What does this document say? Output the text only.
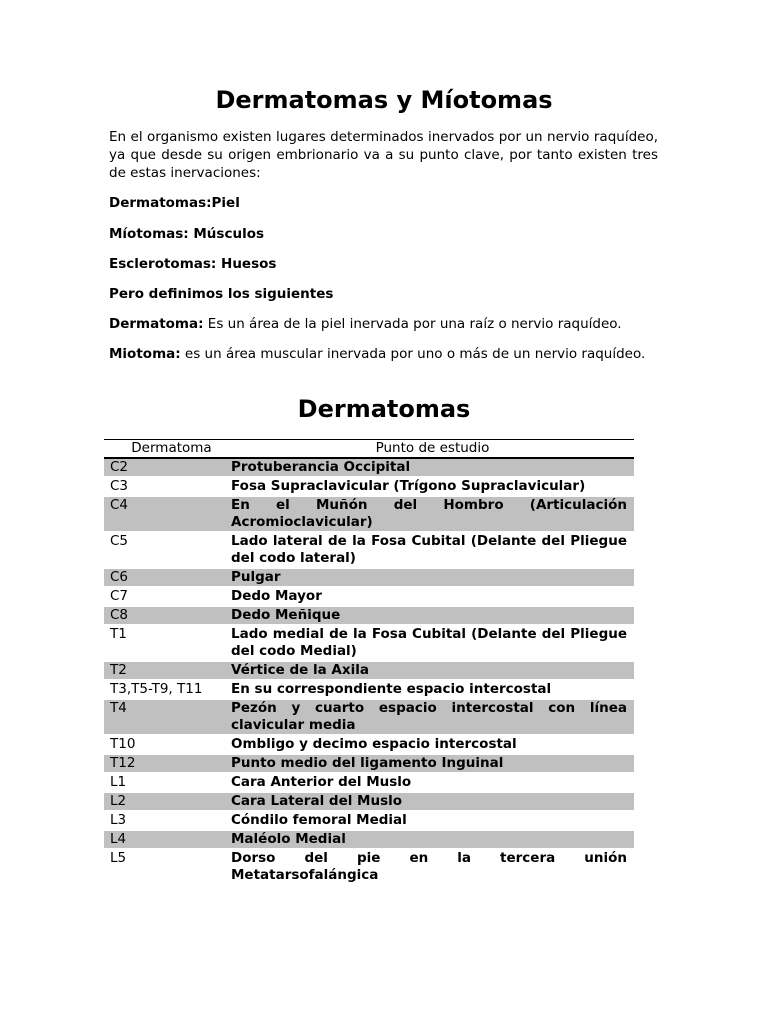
Dermatomas y Míotomas
En el organismo existen lugares determinados inervados por un nervio raquídeo, ya que desde su origen embrionario va a su punto clave, por tanto existen tres de estas inervaciones:
Dermatomas:Piel
Míotomas: Músculos
Esclerotomas: Huesos
Pero definimos los siguientes
Dermatoma: Es un área de la piel inervada por una raíz o nervio raquídeo.
Miotoma: es un área muscular inervada por uno o más de un nervio raquídeo.
Dermatomas
Dermatoma	Punto de estudio
C2	Protuberancia Occipital
C3	Fosa Supraclavicular (Trígono Supraclavicular)
C4	En el Muñón del Hombro (Articulación Acromioclavicular)
C5	Lado lateral de la Fosa Cubital (Delante del Pliegue del codo lateral)
C6	Pulgar
C7	Dedo Mayor
C8	Dedo Meñique
T1	Lado medial de la Fosa Cubital (Delante del Pliegue del codo Medial)
T2	Vértice de la Axila
T3,T5-T9, T11	En su correspondiente espacio intercostal
T4	Pezón y cuarto espacio intercostal con línea clavicular media
T10	Ombligo y decimo espacio intercostal
T12	Punto medio del ligamento Inguinal
L1	Cara Anterior del Muslo
L2	Cara Lateral del Muslo
L3	Cóndilo femoral Medial
L4	Maléolo Medial
L5	Dorso del pie en la tercera unión Metatarsofalángica
